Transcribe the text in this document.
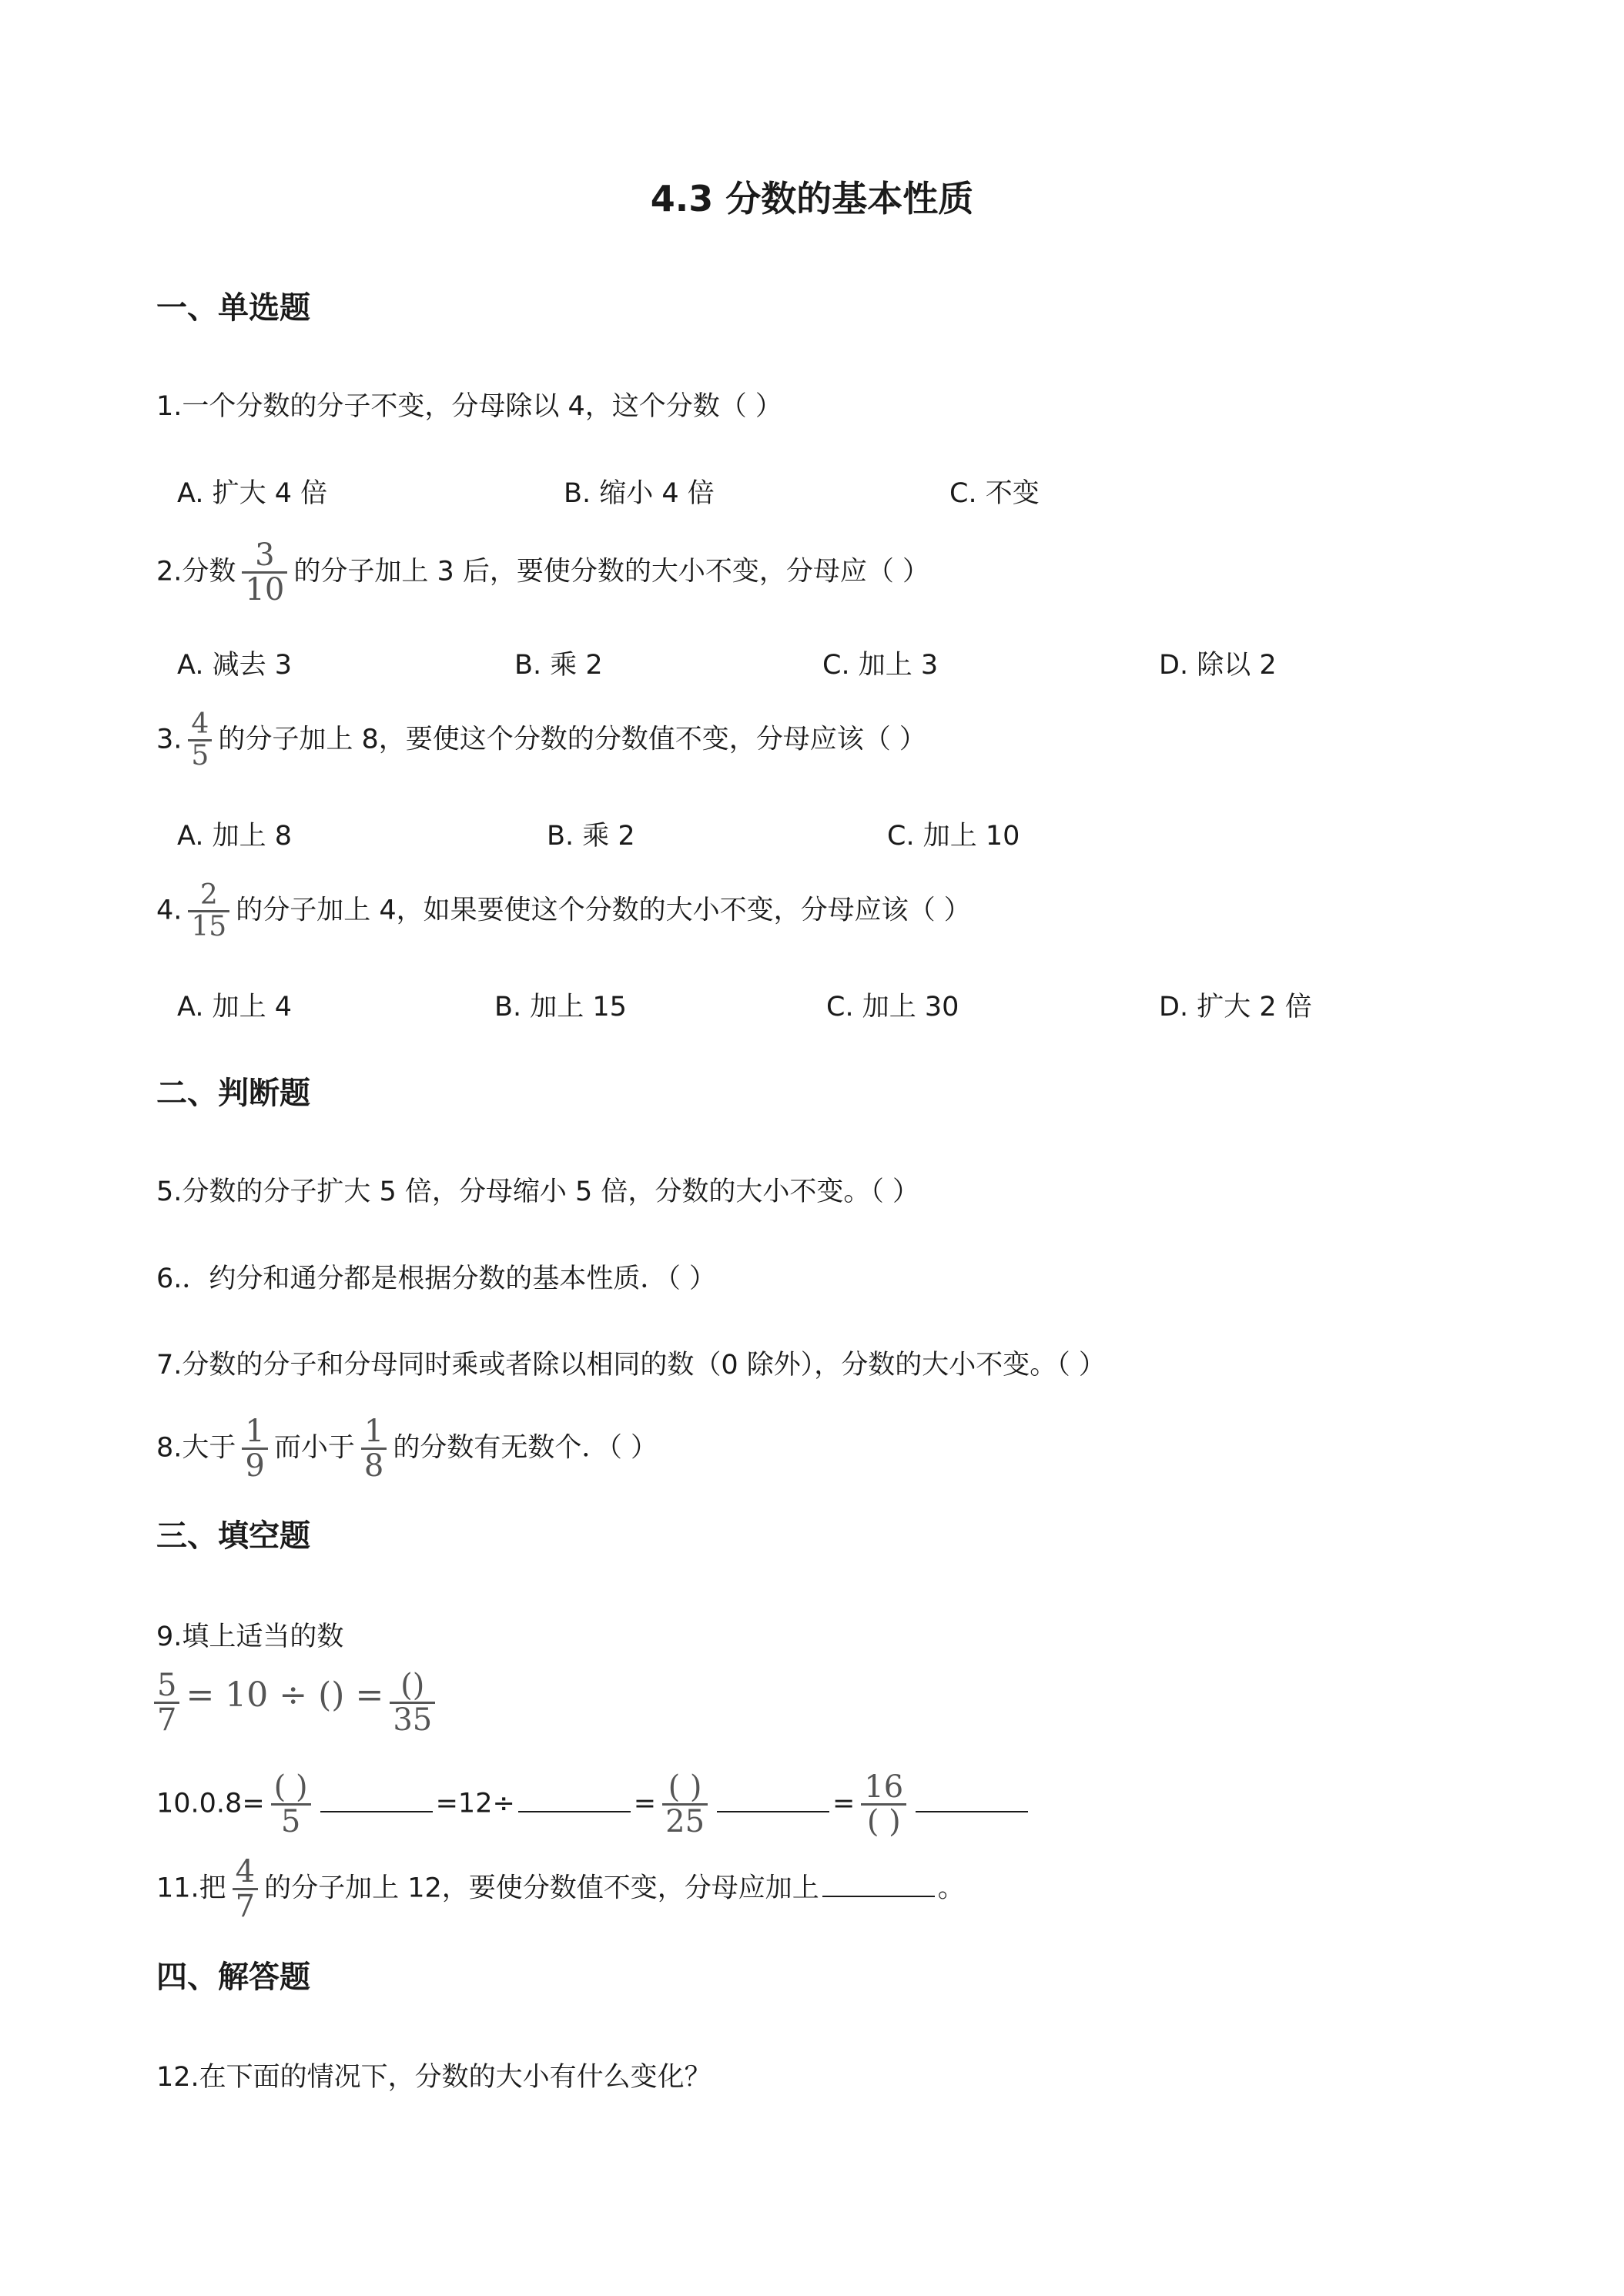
4.3 分数的基本性质
一、单选题
1.一个分数的分子不变，分母除以 4，这个分数（ ）
A. 扩大 4 倍	B. 缩小 4 倍	C. 不变
2.分数 $\frac{3}{10}$ 的分子加上 3 后，要使分数的大小不变，分母应（ ）
A. 减去 3	B. 乘 2	C. 加上 3	D. 除以 2
3. $\frac{4}{5}$ 的分子加上 8，要使这个分数的分数值不变，分母应该（ ）
A. 加上 8	B. 乘 2	C. 加上 10
4. $\frac{2}{15}$ 的分子加上 4，如果要使这个分数的大小不变，分母应该（ ）
A. 加上 4	B. 加上 15	C. 加上 30	D. 扩大 2 倍
二、判断题
5.分数的分子扩大 5 倍，分母缩小 5 倍，分数的大小不变。（ ）
6.．约分和通分都是根据分数的基本性质．（ ）
7.分数的分子和分母同时乘或者除以相同的数（0 除外），分数的大小不变。（ ）
8.大于 $\frac{1}{9}$ 而小于 $\frac{1}{8}$ 的分数有无数个．（ ）
三、填空题
9.填上适当的数
$\frac{5}{7} = 10$ ÷ () = ()
35
10.0.8= ( )
5
=12÷	= ( )
25
= 16
( )
11.把 $\frac{4}{7}$ 的分子加上 12，要使分数值不变，分母应加上	。
四、解答题
12.在下面的情况下，分数的大小有什么变化？
